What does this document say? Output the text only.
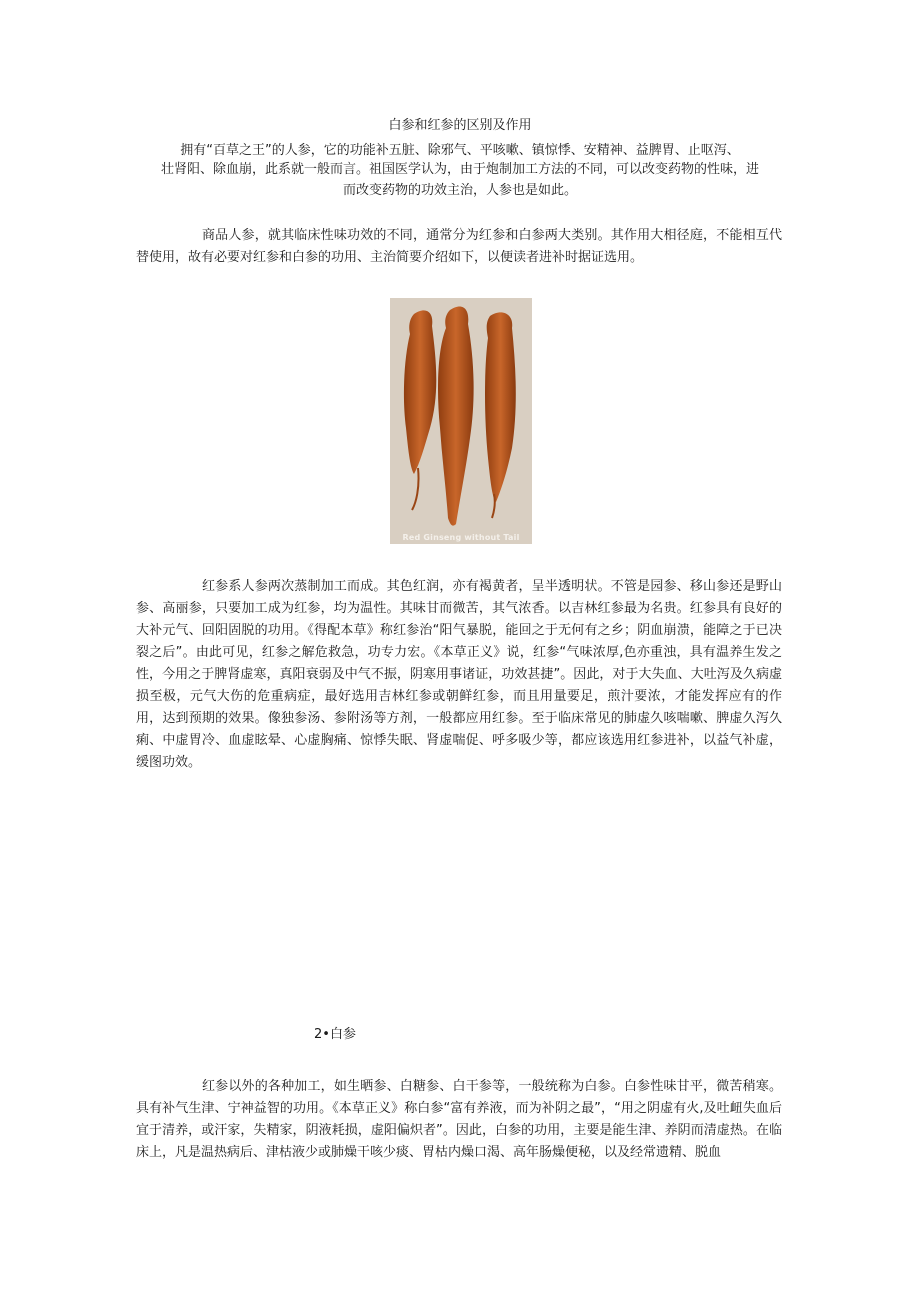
白参和红参的区别及作用
拥有“百草之王”的人参，它的功能补五脏、除邪气、平咳嗽、镇惊悸、安精神、益脾胃、止呕泻、
壮肾阳、除血崩，此系就一般而言。祖国医学认为，由于炮制加工方法的不同，可以改变药物的性味，进
而改变药物的功效主治，人参也是如此。
商品人参，就其临床性味功效的不同，通常分为红参和白参两大类别。其作用大相径庭，不能相互代替使用，故有必要对红参和白参的功用、主治简要介绍如下，以便读者进补时据证选用。
Red Ginseng without Tail
红参系人参两次蒸制加工而成。其色红润，亦有褐黄者，呈半透明状。不管是园参、移山参还是野山参、高丽参，只要加工成为红参，均为温性。其味甘而微苦，其气浓香。以吉林红参最为名贵。红参具有良好的大补元气、回阳固脱的功用。《得配本草》称红参治“阳气暴脱，能回之于无何有之乡；阴血崩溃，能障之于已决裂之后”。由此可见，红参之解危救急，功专力宏。《本草正义》说，红参“气味浓厚,色亦重浊，具有温养生发之性，今用之于脾肾虚寒，真阳衰弱及中气不振，阴寒用事诸证，功效甚捷”。因此，对于大失血、大吐泻及久病虚损至极，元气大伤的危重病症，最好选用吉林红参或朝鲜红参，而且用量要足，煎汁要浓，才能发挥应有的作用，达到预期的效果。像独参汤、参附汤等方剂，一般都应用红参。至于临床常见的肺虚久咳喘嗽、脾虚久泻久痢、中虚胃冷、血虚眩晕、心虚胸痛、惊悸失眠、肾虚喘促、呼多吸少等，都应该选用红参进补，以益气补虚，缓图功效。
2•白参
红参以外的各种加工，如生晒参、白糖参、白干参等，一般统称为白参。白参性味甘平，微苦稍寒。具有补气生津、宁神益智的功用。《本草正义》称白参“富有养液，而为补阴之最”，“用之阴虚有火,及吐衄失血后宜于清养，或汗家，失精家，阴液耗损，虚阳偏炽者”。因此，白参的功用，主要是能生津、养阴而清虚热。在临床上，凡是温热病后、津枯液少或肺燥干咳少痰、胃枯内燥口渴、高年肠燥便秘，以及经常遗精、脱血
